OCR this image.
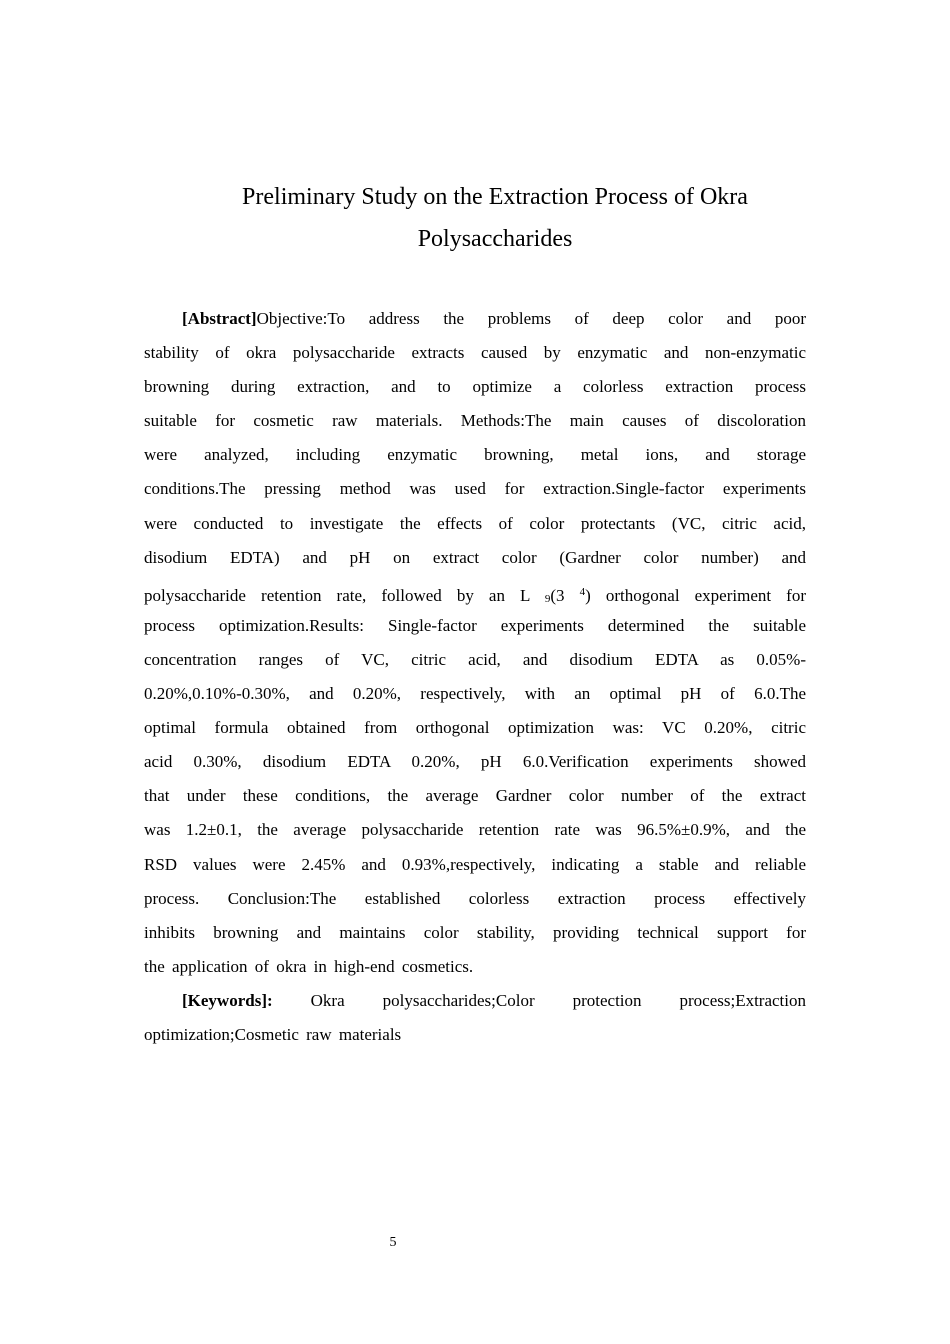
Preliminary Study on the Extraction Process of Okra
Polysaccharides
[Abstract]Objective:To address the problems of deep color and poor
stability of okra polysaccharide extracts caused by enzymatic and non-enzymatic
browning during extraction, and to optimize a colorless extraction process
suitable for cosmetic raw materials. Methods:The main causes of discoloration
were analyzed, including enzymatic browning, metal ions, and storage
conditions.The pressing method was used for extraction.Single-factor experiments
were conducted to investigate the effects of color protectants (VC, citric acid,
disodium EDTA) and pH on extract color (Gardner color number) and
polysaccharide retention rate, followed by an L 9(3 $^4$) orthogonal experiment for
process optimization.Results: Single-factor experiments determined the suitable
concentration ranges of VC, citric acid, and disodium EDTA as 0.05%-
0.20%,0.10%-0.30%, and 0.20%, respectively, with an optimal pH of 6.0.The
optimal formula obtained from orthogonal optimization was: VC 0.20%, citric
acid 0.30%, disodium EDTA 0.20%, pH 6.0.Verification experiments showed
that under these conditions, the average Gardner color number of the extract
was 1.2±0.1, the average polysaccharide retention rate was 96.5%±0.9%, and the
RSD values were 2.45% and 0.93%,respectively, indicating a stable and reliable
process. Conclusion:The established colorless extraction process effectively
inhibits browning and maintains color stability, providing technical support for
the application of okra in high-end cosmetics.
[Keywords]: Okra polysaccharides;Color protection process;Extraction
optimization;Cosmetic raw materials
5
